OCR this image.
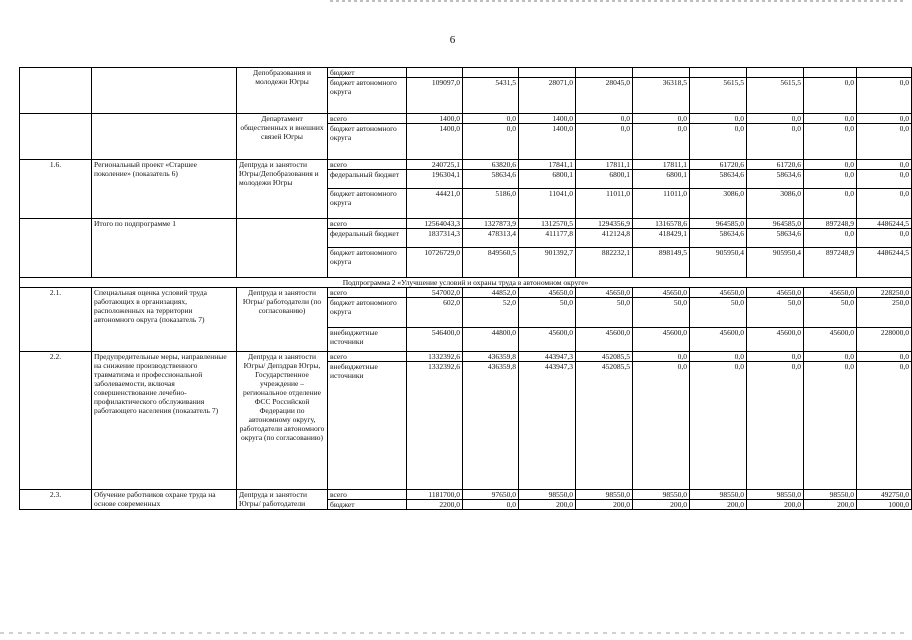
6
		Депобразования и молодежи Югры	бюджет									
			бюджет автономного округа	109097,0	5431,5	28071,0	28045,0	36318,5	5615,5	5615,5	0,0	0,0
		Департамент общественных и внешних связей Югры	всего	1400,0	0,0	1400,0	0,0	0,0	0,0	0,0	0,0	0,0
			бюджет автономного округа	1400,0	0,0	1400,0	0,0	0,0	0,0	0,0	0,0	0,0
1.6.	Региональный проект «Старшее поколение» (показатель 6)	Депtруда и занятости Югры/Депобразования и молодежи Югры	всего	240725,1	63820,6	17841,1	17811,1	17811,1	61720,6	61720,6	0,0	0,0
			федеральный бюджет	196304,1	58634,6	6800,1	6800,1	6800,1	58634,6	58634,6	0,0	0,0
			бюджет автономного округа	44421,0	5186,0	11041,0	11011,0	11011,0	3086,0	3086,0	0,0	0,0
	Итого по подпрограмме 1		всего	12564043,3	1327873,9	1312570,5	1294356,9	1316578,6	964585,0	964585,0	897248,9	4486244,5
			федеральный бюджет	1837314,3	478313,4	411177,8	412124,8	418429,1	58634,6	58634,6	0,0	0,0
			бюджет автономного округа	10726729,0	849560,5	901392,7	882232,1	898149,5	905950,4	905950,4	897248,9	4486244,5
Подпрограмма 2 «Улучшение условий и охраны труда в автономном округе»												
2.1.	Специальная оценка условий труда работающих в организациях, расположенных на территории автономного округа (показатель 7)	Депtруда и занятости Югры/ работодатели (по согласованию)	всего	547002,0	44852,0	45650,0	45650,0	45650,0	45650,0	45650,0	45650,0	228250,0
			бюджет автономного округа	602,0	52,0	50,0	50,0	50,0	50,0	50,0	50,0	250,0
			внебюджетные источники	546400,0	44800,0	45600,0	45600,0	45600,0	45600,0	45600,0	45600,0	228000,0
2.2.	Предупредительные меры, направленные на снижение производственного травматизма и профессиональной заболеваемости, включая совершенствование лечебно-профилактического обслуживания работающего населения (показатель 7)	Депtруда и занятости Югры/ Депздрав Югры, Государственное учреждение – региональное отделение ФСС Российской Федерации по автономному округу, работодатели автономного округа (по согласованию)	всего	1332392,6	436359,8	443947,3	452085,5	0,0	0,0	0,0	0,0	0,0
			внебюджетные источники	1332392,6	436359,8	443947,3	452085,5	0,0	0,0	0,0	0,0	0,0
2.3.	Обучение работников охране труда на основе современных	Депtруда и занятости Югры/ работодатели	всего	1181700,0	97650,0	98550,0	98550,0	98550,0	98550,0	98550,0	98550,0	492750,0
			бюджет	2200,0	0,0	200,0	200,0	200,0	200,0	200,0	200,0	1000,0
